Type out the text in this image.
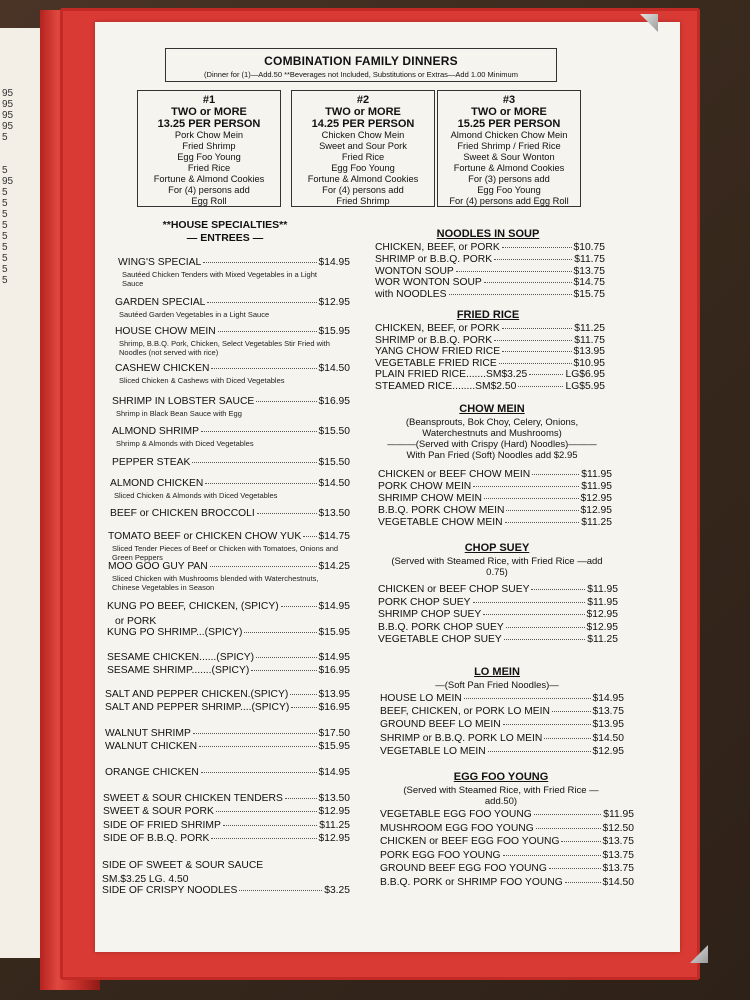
95
95
95
95
5

5
95
5
5
5
5
5
5
5
5
5
COMBINATION FAMILY DINNERS
(Dinner for (1)—Add.50 **Beverages not Included, Substitutions or Extras—Add 1.00 Minimum
#1
TWO or MORE
13.25 PER PERSON
Pork Chow Mein
Fried Shrimp
Egg Foo Young
Fried Rice
Fortune & Almond Cookies
For (4) persons add
Egg Roll
#2
TWO or MORE
14.25 PER PERSON
Chicken Chow Mein
Sweet and Sour Pork
Fried Rice
Egg Foo Young
Fortune & Almond Cookies
For (4) persons add
Fried Shrimp
#3
TWO or MORE
15.25 PER PERSON
Almond Chicken Chow Mein
Fried Shrimp / Fried Rice
Sweet & Sour Wonton
Fortune & Almond Cookies
For (3) persons add
Egg Foo Young
For (4) persons add Egg Roll
**HOUSE SPECIALTIES**
— ENTREES —
WING'S SPECIAL	$14.95
Sautéed Chicken Tenders with Mixed Vegetables in a Light Sauce
GARDEN SPECIAL	$12.95
Sautéed Garden Vegetables in a Light Sauce
HOUSE CHOW MEIN	$15.95
Shrimp, B.B.Q. Pork, Chicken, Select Vegetables Stir Fried with Noodles (not served with rice)
CASHEW CHICKEN	$14.50
Sliced Chicken & Cashews with Diced Vegetables
SHRIMP IN LOBSTER SAUCE	$16.95
Shrimp in Black Bean Sauce with Egg
ALMOND SHRIMP	$15.50
Shrimp & Almonds with Diced Vegetables
PEPPER STEAK	$15.50
ALMOND CHICKEN	$14.50
Sliced Chicken & Almonds with Diced Vegetables
BEEF or CHICKEN BROCCOLI	$13.50
TOMATO BEEF or CHICKEN CHOW YUK $14.75
Sliced Tender Pieces of Beef or Chicken with Tomatoes, Onions and Green Peppers
MOO GOO GUY PAN	$14.25
Sliced Chicken with Mushrooms blended with Waterchestnuts, Chinese Vegetables in Season
KUNG PO BEEF, CHICKEN, (SPICY)	$14.95
or PORK
KUNG PO SHRIMP...(SPICY)	$15.95
SESAME CHICKEN......(SPICY)	$14.95
SESAME SHRIMP.......(SPICY)	$16.95
SALT AND PEPPER CHICKEN.(SPICY)	$13.95
SALT AND PEPPER SHRIMP....(SPICY)	$16.95
WALNUT SHRIMP	$17.50
WALNUT CHICKEN	$15.95
ORANGE CHICKEN	$14.95
SWEET & SOUR CHICKEN TENDERS	$13.50
SWEET & SOUR PORK	$12.95
SIDE OF FRIED SHRIMP	$11.25
SIDE OF B.B.Q. PORK	$12.95
SIDE OF SWEET & SOUR SAUCE
SM.$3.25 LG. 4.50
SIDE OF CRISPY NOODLES	$3.25
NOODLES IN SOUP
CHICKEN, BEEF, or PORK	$10.75
SHRIMP or B.B.Q. PORK	$11.75
WONTON SOUP	$13.75
WOR WONTON SOUP	$14.75
with NOODLES	$15.75
FRIED RICE
CHICKEN, BEEF, or PORK	$11.25
SHRIMP or B.B.Q. PORK	$11.75
YANG CHOW FRIED RICE	$13.95
VEGETABLE FRIED RICE	$10.95
PLAIN FRIED RICE.......SM$3.25	LG$6.95
STEAMED RICE........SM$2.50	LG$5.95
CHOW MEIN
(Beansprouts, Bok Choy, Celery, Onions,
Waterchestnuts and Mushrooms)
———(Served with Crispy (Hard) Noodles)———
With Pan Fried (Soft) Noodles add $2.95
CHICKEN or BEEF CHOW MEIN	$11.95
PORK CHOW MEIN	$11.95
SHRIMP CHOW MEIN	$12.95
B.B.Q. PORK CHOW MEIN	$12.95
VEGETABLE CHOW MEIN	$11.25
CHOP SUEY
(Served with Steamed Rice, with Fried Rice —add
0.75)
CHICKEN or BEEF CHOP SUEY	$11.95
PORK CHOP SUEY	$11.95
SHRIMP CHOP SUEY	$12.95
B.B.Q. PORK CHOP SUEY	$12.95
VEGETABLE CHOP SUEY	$11.25
LO MEIN
—(Soft Pan Fried Noodles)—
HOUSE LO MEIN	$14.95
BEEF, CHICKEN, or PORK LO MEIN	$13.75
GROUND BEEF LO MEIN	$13.95
SHRIMP or B.B.Q. PORK LO MEIN	$14.50
VEGETABLE LO MEIN	$12.95
EGG FOO YOUNG
(Served with Steamed Rice, with Fried Rice —
add.50)
VEGETABLE EGG FOO YOUNG	$11.95
MUSHROOM EGG FOO YOUNG	$12.50
CHICKEN or BEEF EGG FOO YOUNG	$13.75
PORK EGG FOO YOUNG	$13.75
GROUND BEEF EGG FOO YOUNG	$13.75
B.B.Q. PORK or SHRIMP FOO YOUNG	$14.50
